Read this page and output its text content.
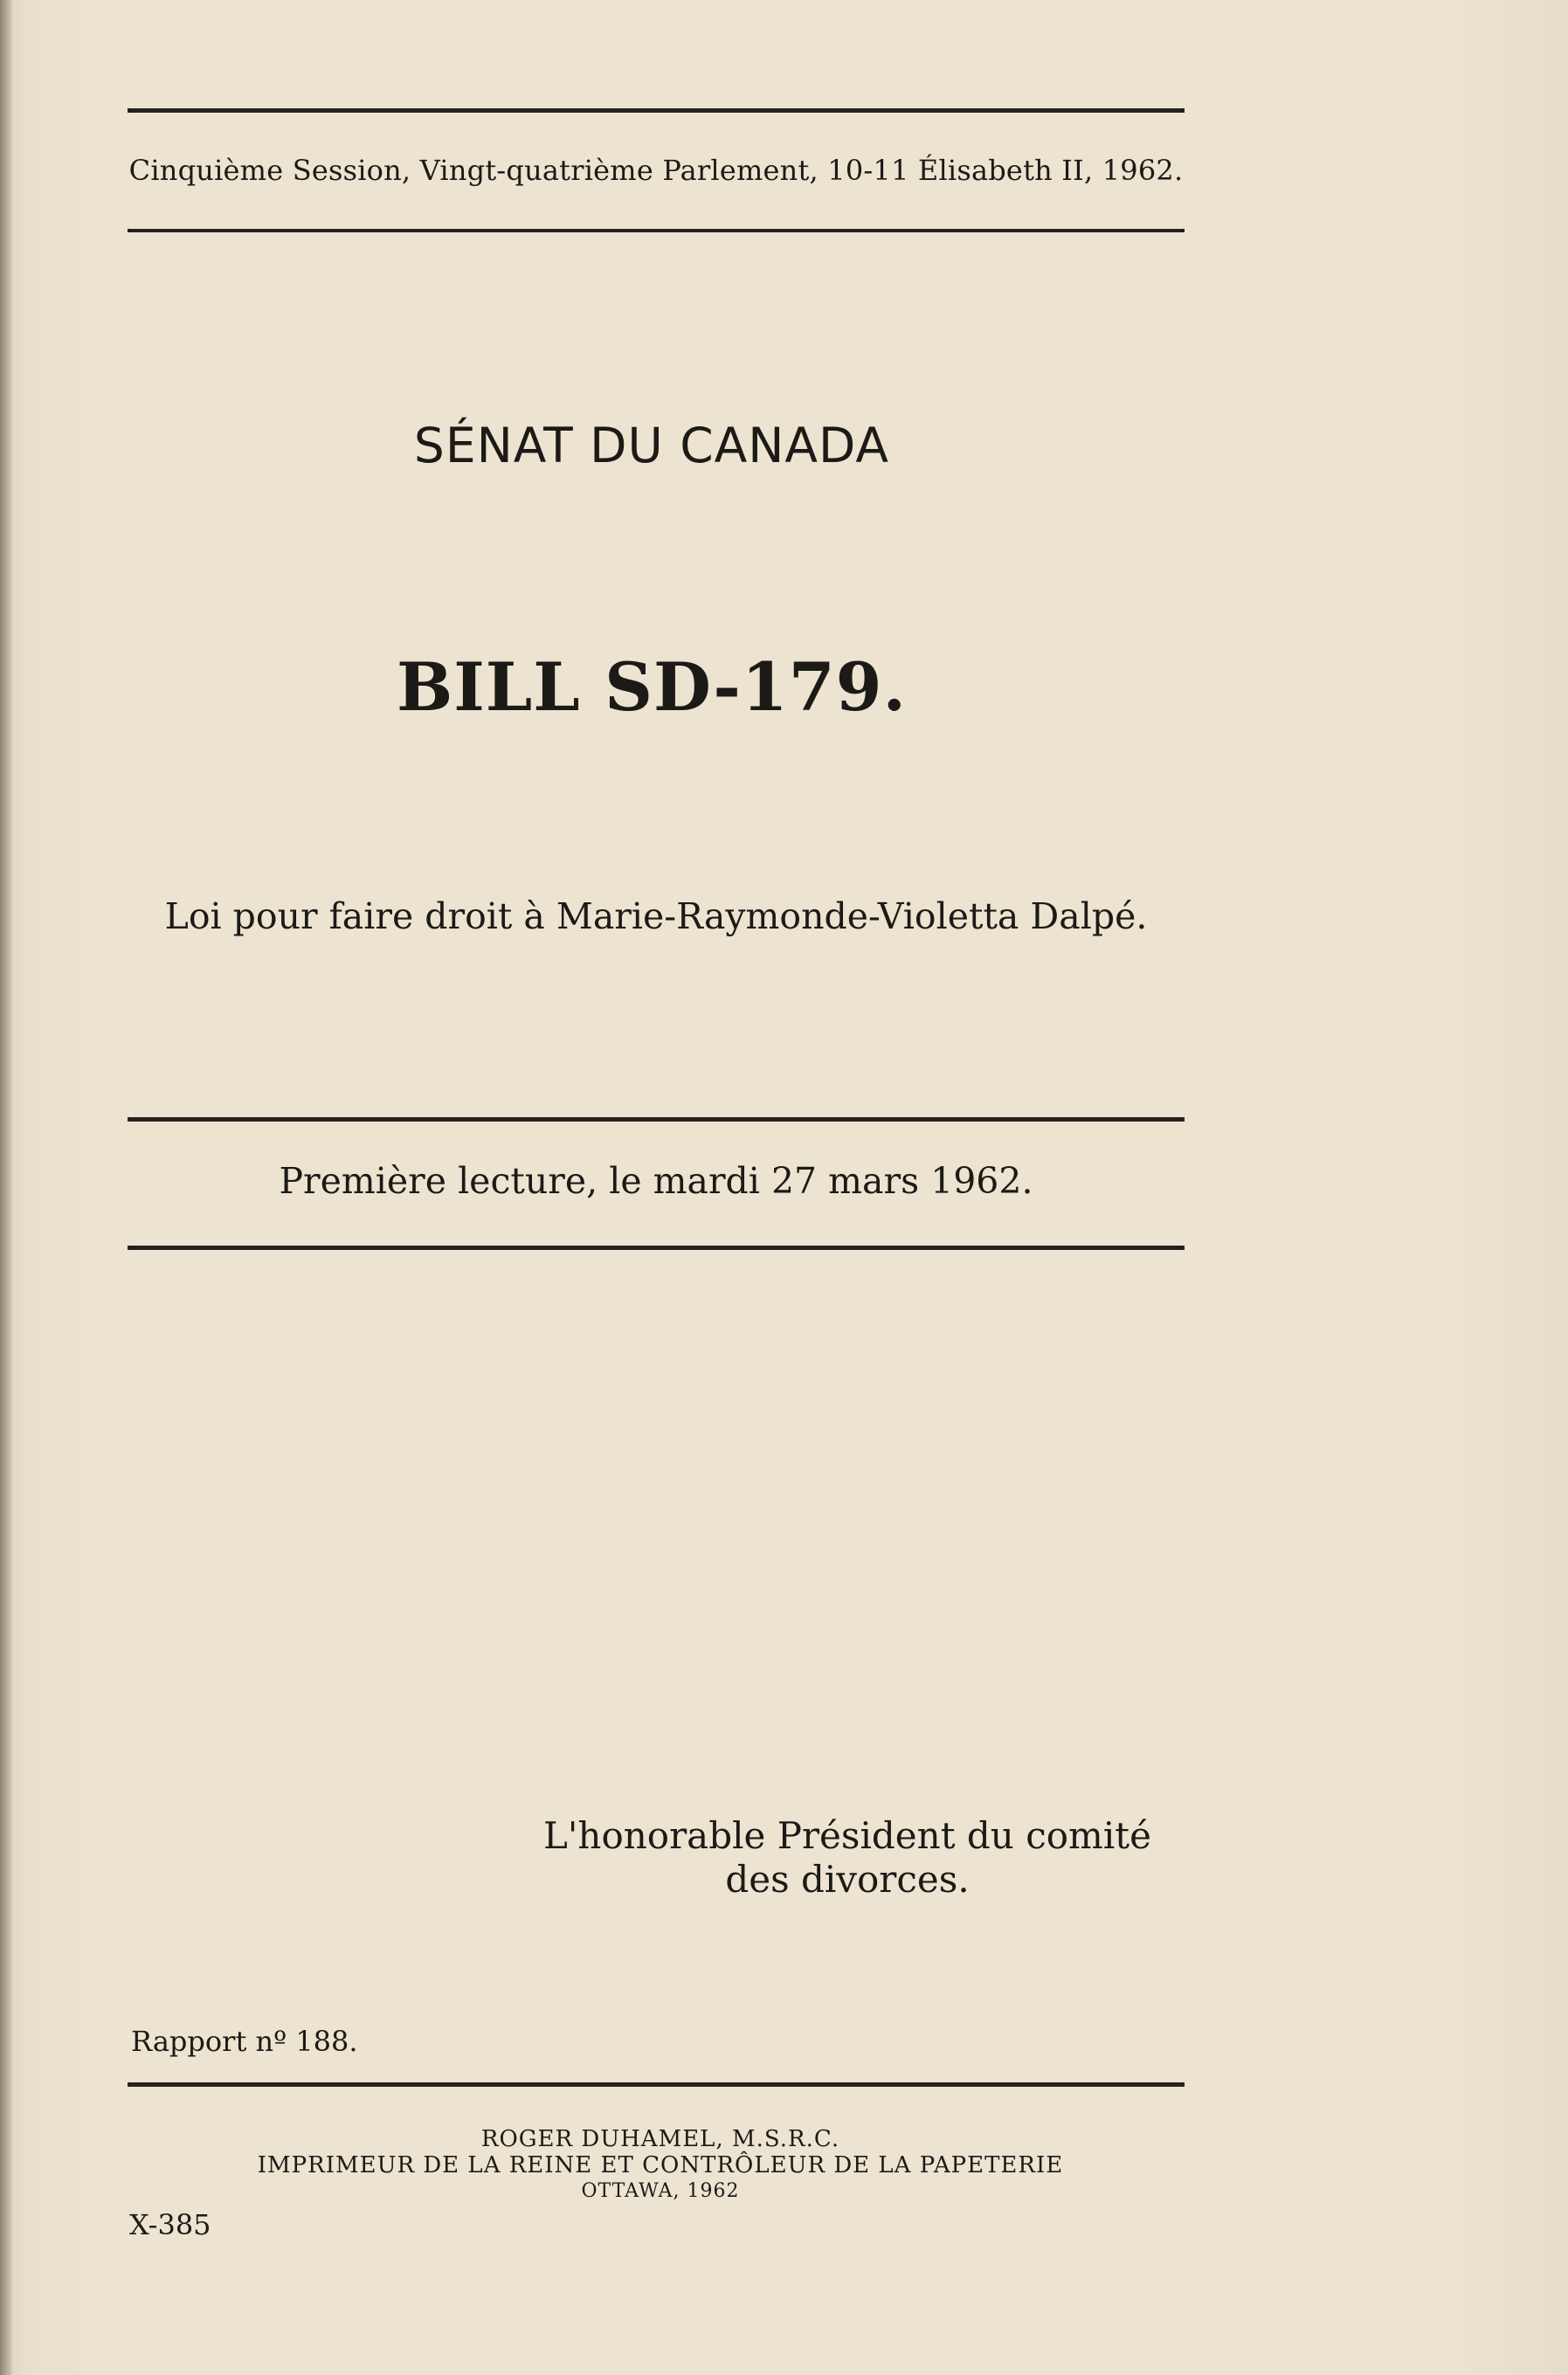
Cinquième Session, Vingt-quatrième Parlement, 10-11 Élisabeth II, 1962.
SÉNAT DU CANADA
BILL SD-179.
Loi pour faire droit à Marie-Raymonde-Violetta Dalpé.
Première lecture, le mardi 27 mars 1962.
L'honorable Président du comité
des divorces.
Rapport nº 188.
ROGER DUHAMEL, M.S.R.C.
IMPRIMEUR DE LA REINE ET CONTRÔLEUR DE LA PAPETERIE
OTTAWA, 1962
X-385
